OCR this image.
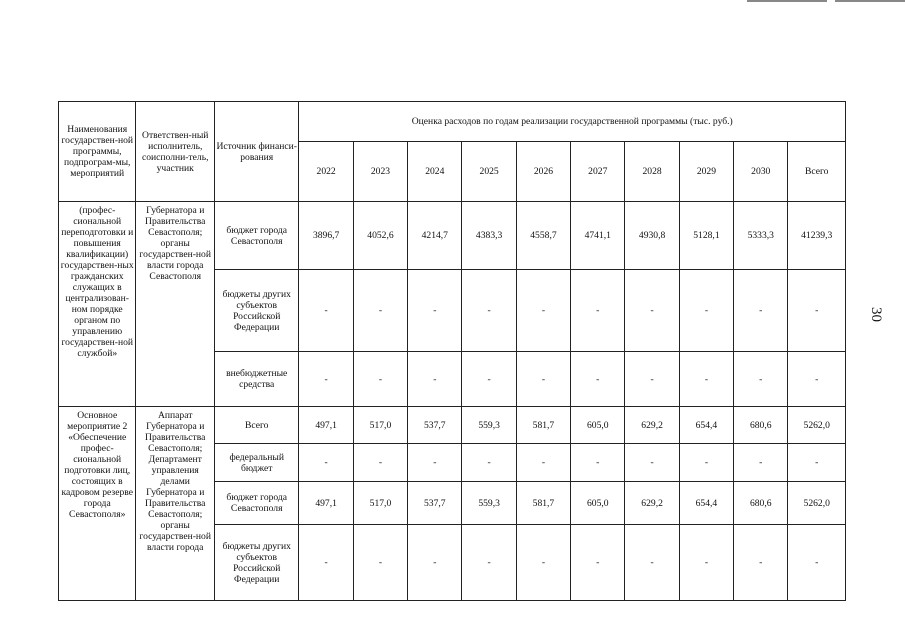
30
Наименования государствен-ной программы, подпрограм-мы, мероприятий	Ответствен-ный исполнитель, соисполни-тель, участник	Источник финанси-рования	Оценка расходов по годам реализации государственной программы (тыс. руб.)									
			2022	2023	2024	2025	2026	2027	2028	2029	2030	Всего
(профес-сиональной переподготовки и повышения квалификации) государствен-ных гражданских служащих в централизован-ном порядке органом по управлению государствен-ной службой»	Губернатора и Правительства Севастополя; органы государствен-ной власти города Севастополя	бюджет города Севастополя	3896,7	4052,6	4214,7	4383,3	4558,7	4741,1	4930,8	5128,1	5333,3	41239,3
		бюджеты других субъектов Российской Федерации	-	-	-	-	-	-	-	-	-	-
		внебюджетные средства	-	-	-	-	-	-	-	-	-	-
Основное мероприятие 2 «Обеспечение профес-сиональной подготовки лиц, состоящих в кадровом резерве города Севастополя»	Аппарат Губернатора и Правительства Севастополя; Департамент управления делами Губернатора и Правительства Севастополя; органы государствен-ной власти города	Всего	497,1	517,0	537,7	559,3	581,7	605,0	629,2	654,4	680,6	5262,0
		федеральный бюджет	-	-	-	-	-	-	-	-	-	-
		бюджет города Севастополя	497,1	517,0	537,7	559,3	581,7	605,0	629,2	654,4	680,6	5262,0
		бюджеты других субъектов Российской Федерации	-	-	-	-	-	-	-	-	-	-
